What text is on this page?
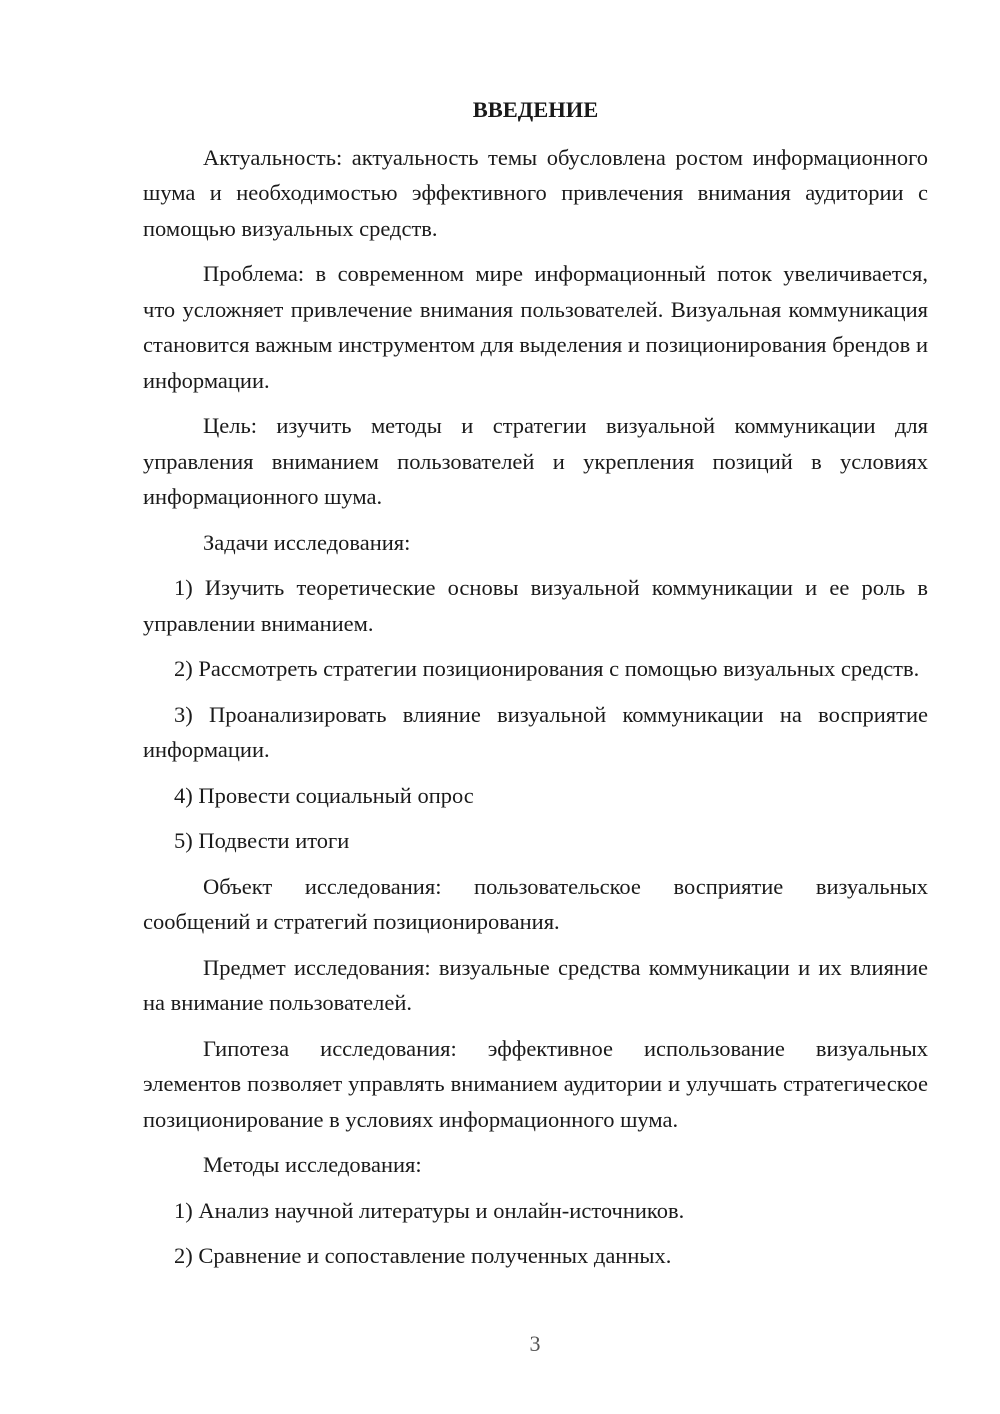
ВВЕДЕНИЕ

Актуальность: актуальность темы обусловлена ростом информационного шума и необходимостью эффективного привлечения внимания аудитории с помощью визуальных средств.

Проблема: в современном мире информационный поток увеличивается, что усложняет привлечение внимания пользователей. Визуальная коммуникация становится важным инструментом для выделения и позиционирования брендов и информации.

Цель: изучить методы и стратегии визуальной коммуникации для управления вниманием пользователей и укрепления позиций в условиях информационного шума.

Задачи исследования:

1) Изучить теоретические основы визуальной коммуникации и ее роль в управлении вниманием.

2) Рассмотреть стратегии позиционирования с помощью визуальных средств.

3) Проанализировать влияние визуальной коммуникации на восприятие информации.

4) Провести социальный опрос

5) Подвести итоги

Объект исследования: пользовательское восприятие визуальных сообщений и стратегий позиционирования.

Предмет исследования: визуальные средства коммуникации и их влияние на внимание пользователей.

Гипотеза исследования: эффективное использование визуальных элементов позволяет управлять вниманием аудитории и улучшать стратегическое позиционирование в условиях информационного шума.

Методы исследования:

1) Анализ научной литературы и онлайн-источников.

2) Сравнение и сопоставление полученных данных.

3
